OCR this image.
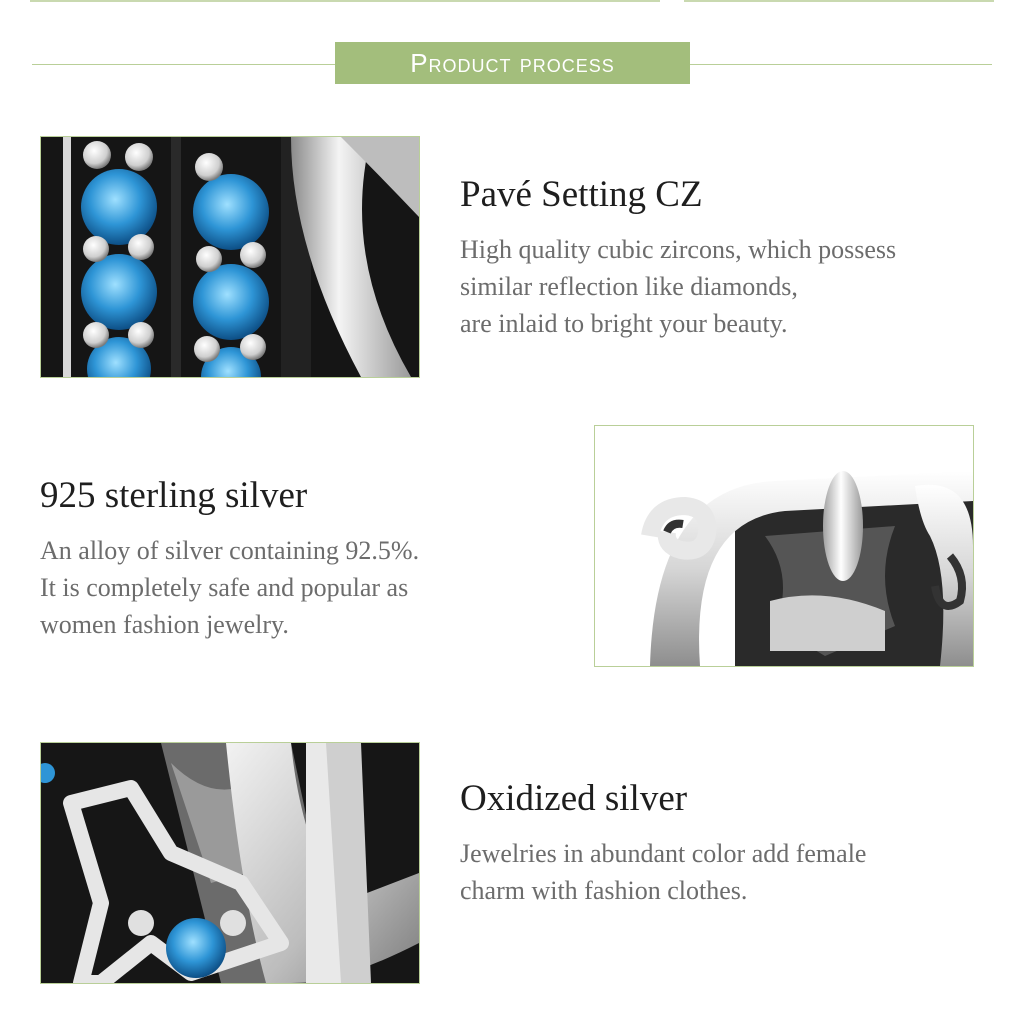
Product process
Pavé Setting CZ

High quality cubic zircons, which possess
similar reflection like diamonds,
are inlaid to bright your beauty.

925 sterling silver

An alloy of silver containing 92.5%.
It is completely safe and popular as
women fashion jewelry.

Oxidized silver

Jewelries in abundant color add female
charm with fashion clothes.
